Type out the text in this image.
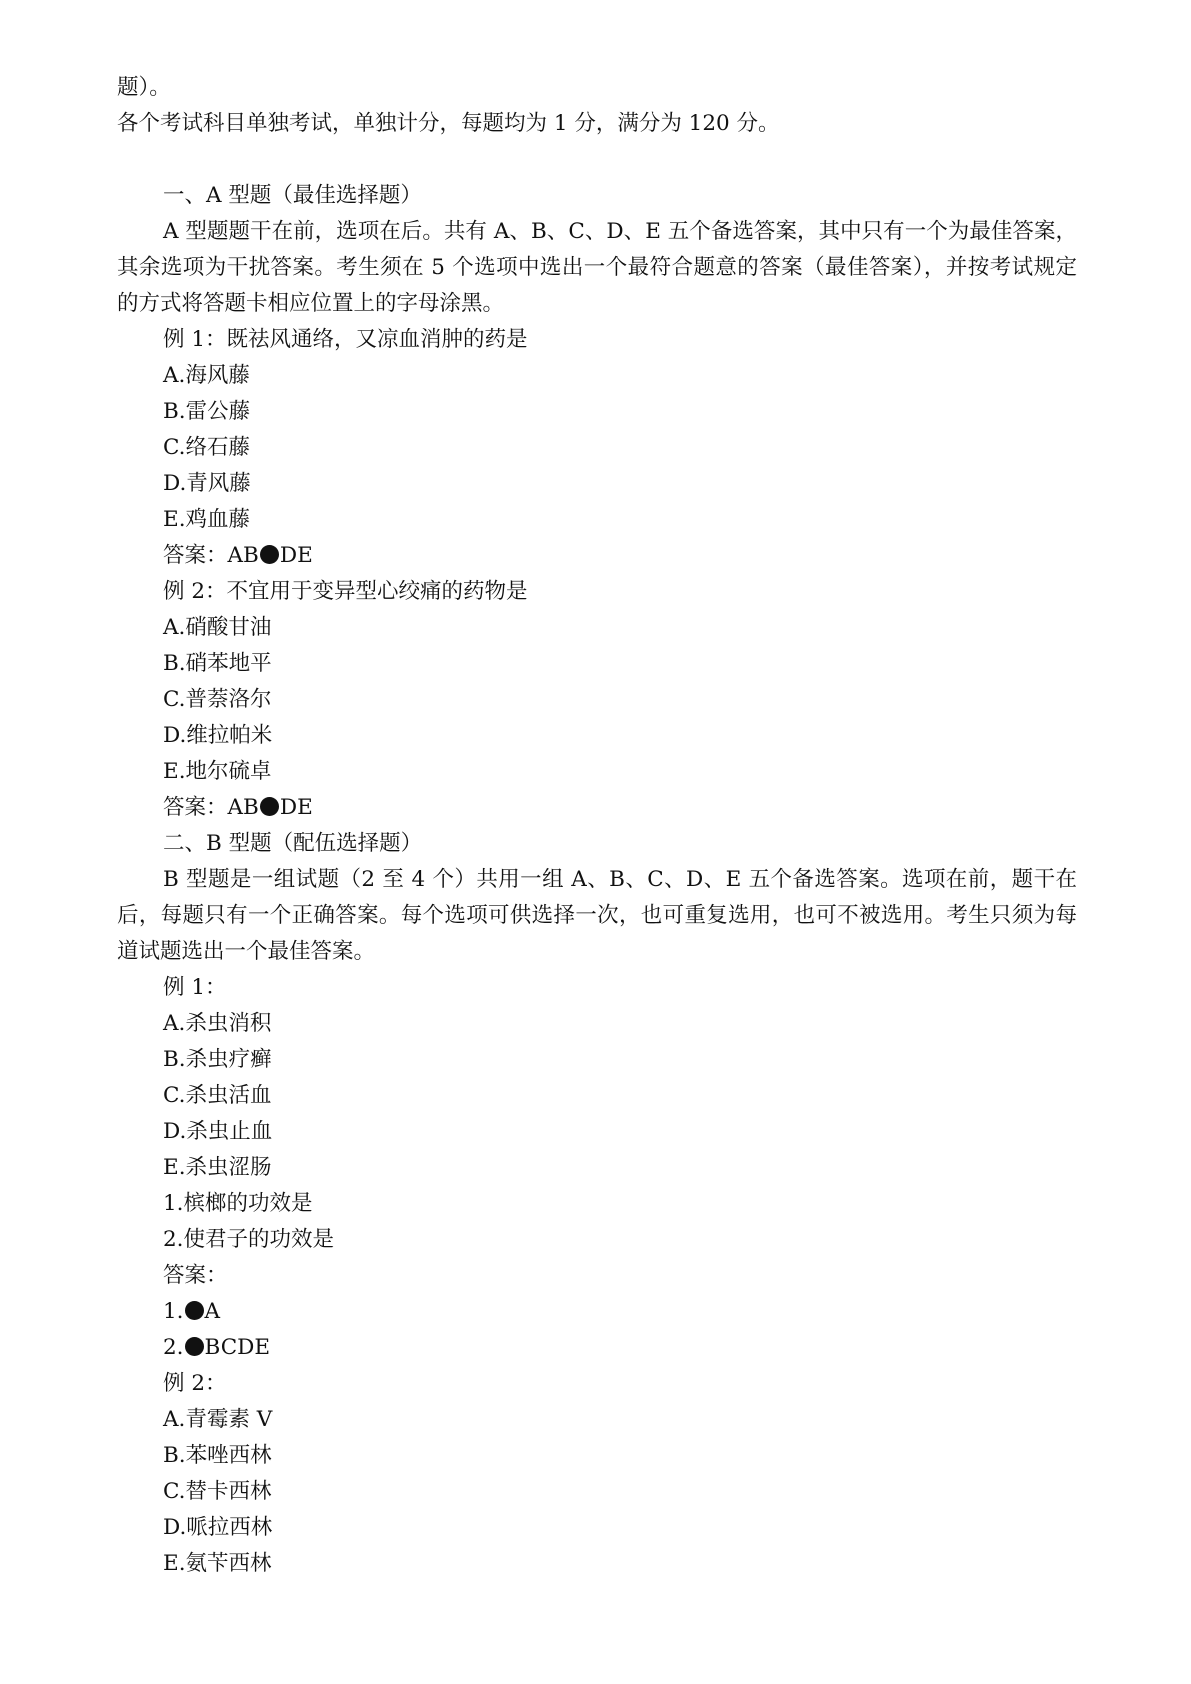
题）。
各个考试科目单独考试，单独计分，每题均为 1 分，满分为 120 分。
一、A 型题（最佳选择题）

A 型题题干在前，选项在后。共有 A、B、C、D、E 五个备选答案，其中只有一个为最佳答案，其余选项为干扰答案。考生须在 5 个选项中选出一个最符合题意的答案（最佳答案），并按考试规定的方式将答题卡相应位置上的字母涂黑。

例 1：既祛风通络，又凉血消肿的药是
A.海风藤
B.雷公藤
C.络石藤
D.青风藤
E.鸡血藤
答案：AB DE
例 2：不宜用于变异型心绞痛的药物是
A.硝酸甘油
B.硝苯地平
C.普萘洛尔
D.维拉帕米
E.地尔硫卓
答案：AB DE
二、B 型题（配伍选择题）

B 型题是一组试题（2 至 4 个）共用一组 A、B、C、D、E 五个备选答案。选项在前，题干在后，每题只有一个正确答案。每个选项可供选择一次，也可重复选用，也可不被选用。考生只须为每道试题选出一个最佳答案。

例 1：
A.杀虫消积
B.杀虫疗癣
C.杀虫活血
D.杀虫止血
E.杀虫涩肠
1.槟榔的功效是
2.使君子的功效是
答案：
1. A
2. BCDE
例 2：
A.青霉素 V
B.苯唑西林
C.替卡西林
D.哌拉西林
E.氨苄西林
